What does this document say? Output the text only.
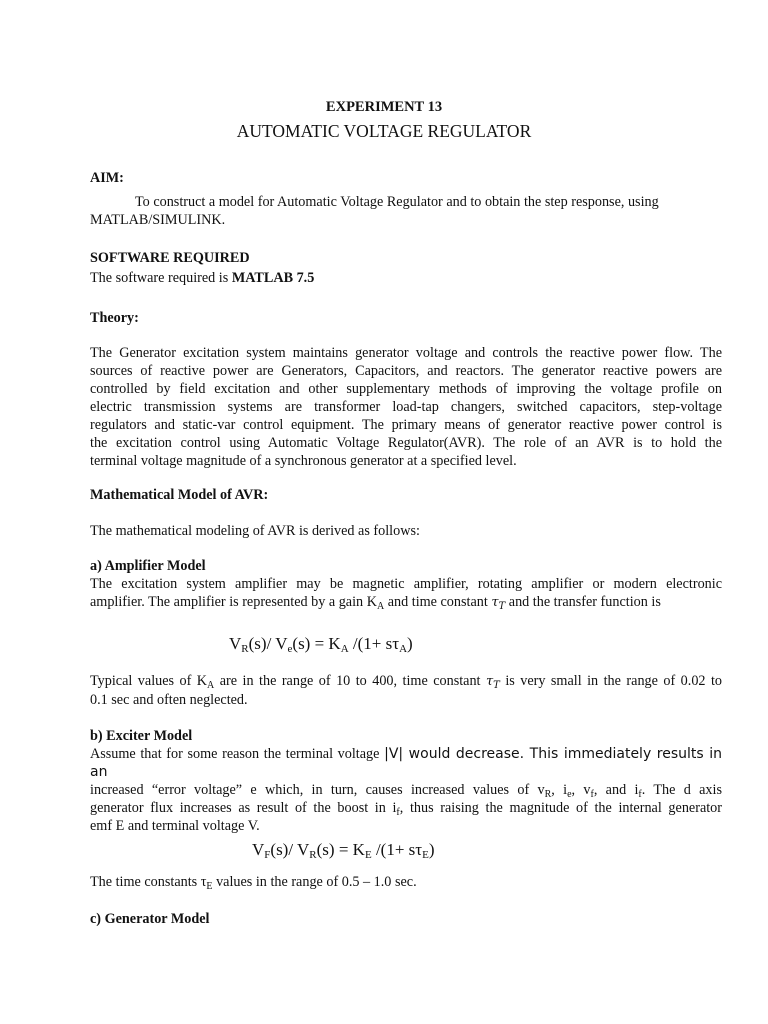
EXPERIMENT 13
AUTOMATIC VOLTAGE REGULATOR
AIM:
To construct a model for Automatic Voltage Regulator and to obtain the step response, using
MATLAB/SIMULINK.
SOFTWARE REQUIRED
The software required is MATLAB 7.5
Theory:
The Generator excitation system maintains generator voltage and controls the reactive power flow. The
sources of reactive power are Generators, Capacitors, and reactors. The generator reactive powers are
controlled by field excitation and other supplementary methods of improving the voltage profile on
electric transmission systems are transformer load-tap changers, switched capacitors, step-voltage
regulators and static-var control equipment. The primary means of generator reactive power control is
the excitation control using Automatic Voltage Regulator(AVR). The role of an AVR is to hold the
terminal voltage magnitude of a synchronous generator at a specified level.
Mathematical Model of AVR:
The mathematical modeling of AVR is derived as follows:
a) Amplifier Model
The excitation system amplifier may be magnetic amplifier, rotating amplifier or modern electronic
amplifier. The amplifier is represented by a gain $K_A$ and time constant $\tau_T$ and the transfer function is
$V_R(s)/$ $V_e(s) = K_A$ $/(1+ s\tau_A)$
Typical values of $K_A$ are in the range of 10 to 400, time constant $\tau_T$ is very small in the range of 0.02 to
0.1 sec and often neglected.
b) Exciter Model
Assume that for some reason the terminal voltage |V| would decrease. This immediately results in an
increased “error voltage” e which, in turn, causes increased values of $v_R$, $i_e$, $v_f$, and $i_f$. The d axis
generator flux increases as result of the boost in $i_f$, thus raising the magnitude of the internal generator
emf E and terminal voltage V.
$V_F(s)/$ $V_R(s) = K_E$ $/(1+ s\tau_E)$
The time constants $\tau_E$ values in the range of 0.5 – 1.0 sec.
c) Generator Model
